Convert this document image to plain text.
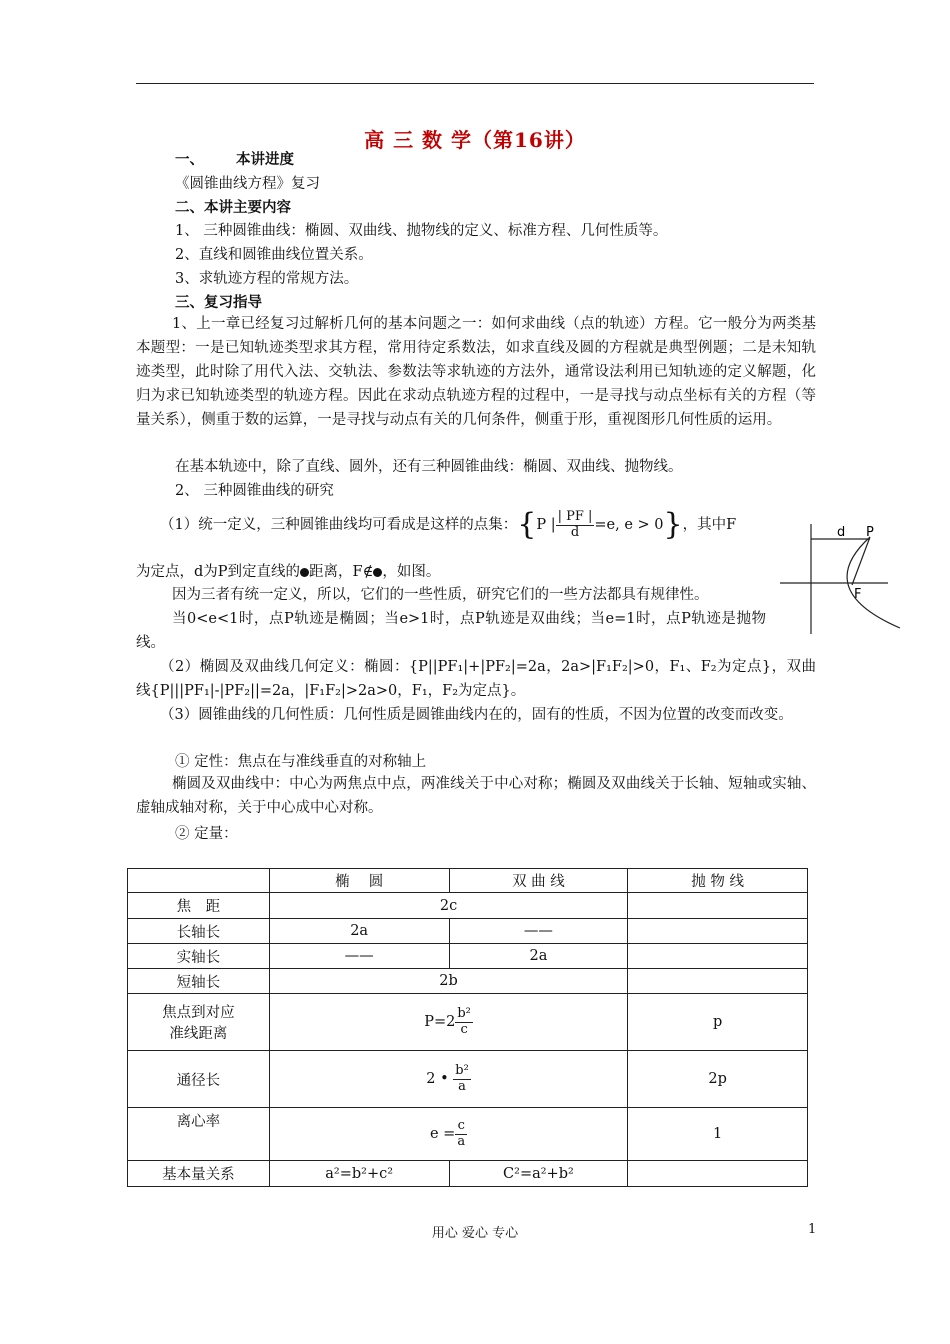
高 三 数 学（第16讲）
一、 本讲进度
《圆锥曲线方程》复习
二、本讲主要内容
1、 三种圆锥曲线：椭圆、双曲线、抛物线的定义、标准方程、几何性质等。
2、直线和圆锥曲线位置关系。
3、求轨迹方程的常规方法。
三、复习指导
1、上一章已经复习过解析几何的基本问题之一：如何求曲线（点的轨迹）方程。它一般分为两类基本题型：一是已知轨迹类型求其方程，常用待定系数法，如求直线及圆的方程就是典型例题；二是未知轨迹类型，此时除了用代入法、交轨法、参数法等求轨迹的方法外，通常设法利用已知轨迹的定义解题，化归为求已知轨迹类型的轨迹方程。因此在求动点轨迹方程的过程中，一是寻找与动点坐标有关的方程（等量关系），侧重于数的运算，一是寻找与动点有关的几何条件，侧重于形，重视图形几何性质的运用。
在基本轨迹中，除了直线、圆外，还有三种圆锥曲线：椭圆、双曲线、抛物线。
2、 三种圆锥曲线的研究
（1）统一定义，三种圆锥曲线均可看成是这样的点集：{P | $\frac{| PF |}{d} =e$, e > 0}，其中F
为定点，d为P到定直线的 距离，F∉ ，如图。
d P
F
因为三者有统一定义，所以，它们的一些性质，研究它们的一些方法都具有规律性。
当0<e<1时，点P轨迹是椭圆；当e>1时，点P轨迹是双曲线；当e=1时，点P轨迹是抛物线。
（2）椭圆及双曲线几何定义：椭圆：{P||PF₁|+|PF₂|=2a，2a>|F₁F₂|>0，F₁、F₂为定点}，双曲线{P|||PF₁|-|PF₂||=2a，|F₁F₂|>2a>0，F₁，F₂为定点}。
（3）圆锥曲线的几何性质：几何性质是圆锥曲线内在的，固有的性质，不因为位置的改变而改变。
① 定性：焦点在与准线垂直的对称轴上
椭圆及双曲线中：中心为两焦点中点，两准线关于中心对称；椭圆及双曲线关于长轴、短轴或实轴、虚轴成轴对称，关于中心成中心对称。
② 定量：
	椭　 圆	双 曲 线	抛 物 线
焦　距	2c		
长轴长	2a	——	
实轴长	——	2a	
短轴长	2b		
焦点到对应
准线距离	$P=2 \frac{\text{b²}}{c}$		p
通径长	2 • $\frac{\text{b²}}{a}$		2p
离心率	$e = \frac{c}{a}$		1
基本量关系	a²=b²+c²	C²=a²+b²	
用心 爱心 专心	1
